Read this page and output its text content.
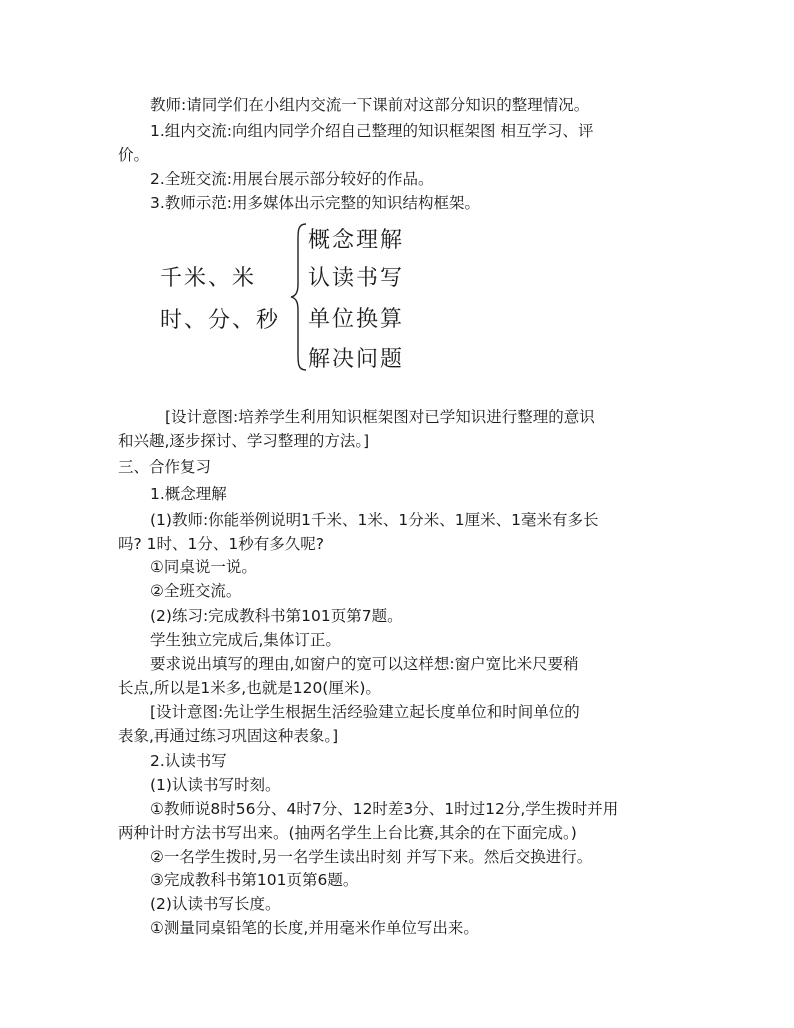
教师:请同学们在小组内交流一下课前对这部分知识的整理情况。
1.组内交流:向组内同学介绍自己整理的知识框架图 相互学习、评
价。
2.全班交流:用展台展示部分较好的作品。
3.教师示范:用多媒体出示完整的知识结构框架。
千米、米
时、分、秒
概念理解
认读书写
单位换算
解决问题
[设计意图:培养学生利用知识框架图对已学知识进行整理的意识
和兴趣,逐步探讨、学习整理的方法。]
三、合作复习
1.概念理解
(1)教师:你能举例说明1千米、1米、1分米、1厘米、1毫米有多长
吗? 1时、1分、1秒有多久呢?
①同桌说一说。
②全班交流。
(2)练习:完成教科书第101页第7题。
学生独立完成后,集体订正。
要求说出填写的理由,如窗户的宽可以这样想:窗户宽比米尺要稍
长点,所以是1米多,也就是120(厘米)。
[设计意图:先让学生根据生活经验建立起长度单位和时间单位的
表象,再通过练习巩固这种表象。]
2.认读书写
(1)认读书写时刻。
①教师说8时56分、4时7分、12时差3分、1时过12分,学生拨时并用
两种计时方法书写出来。(抽两名学生上台比赛,其余的在下面完成。)
②一名学生拨时,另一名学生读出时刻 并写下来。然后交换进行。
③完成教科书第101页第6题。
(2)认读书写长度。
①测量同桌铅笔的长度,并用毫米作单位写出来。
